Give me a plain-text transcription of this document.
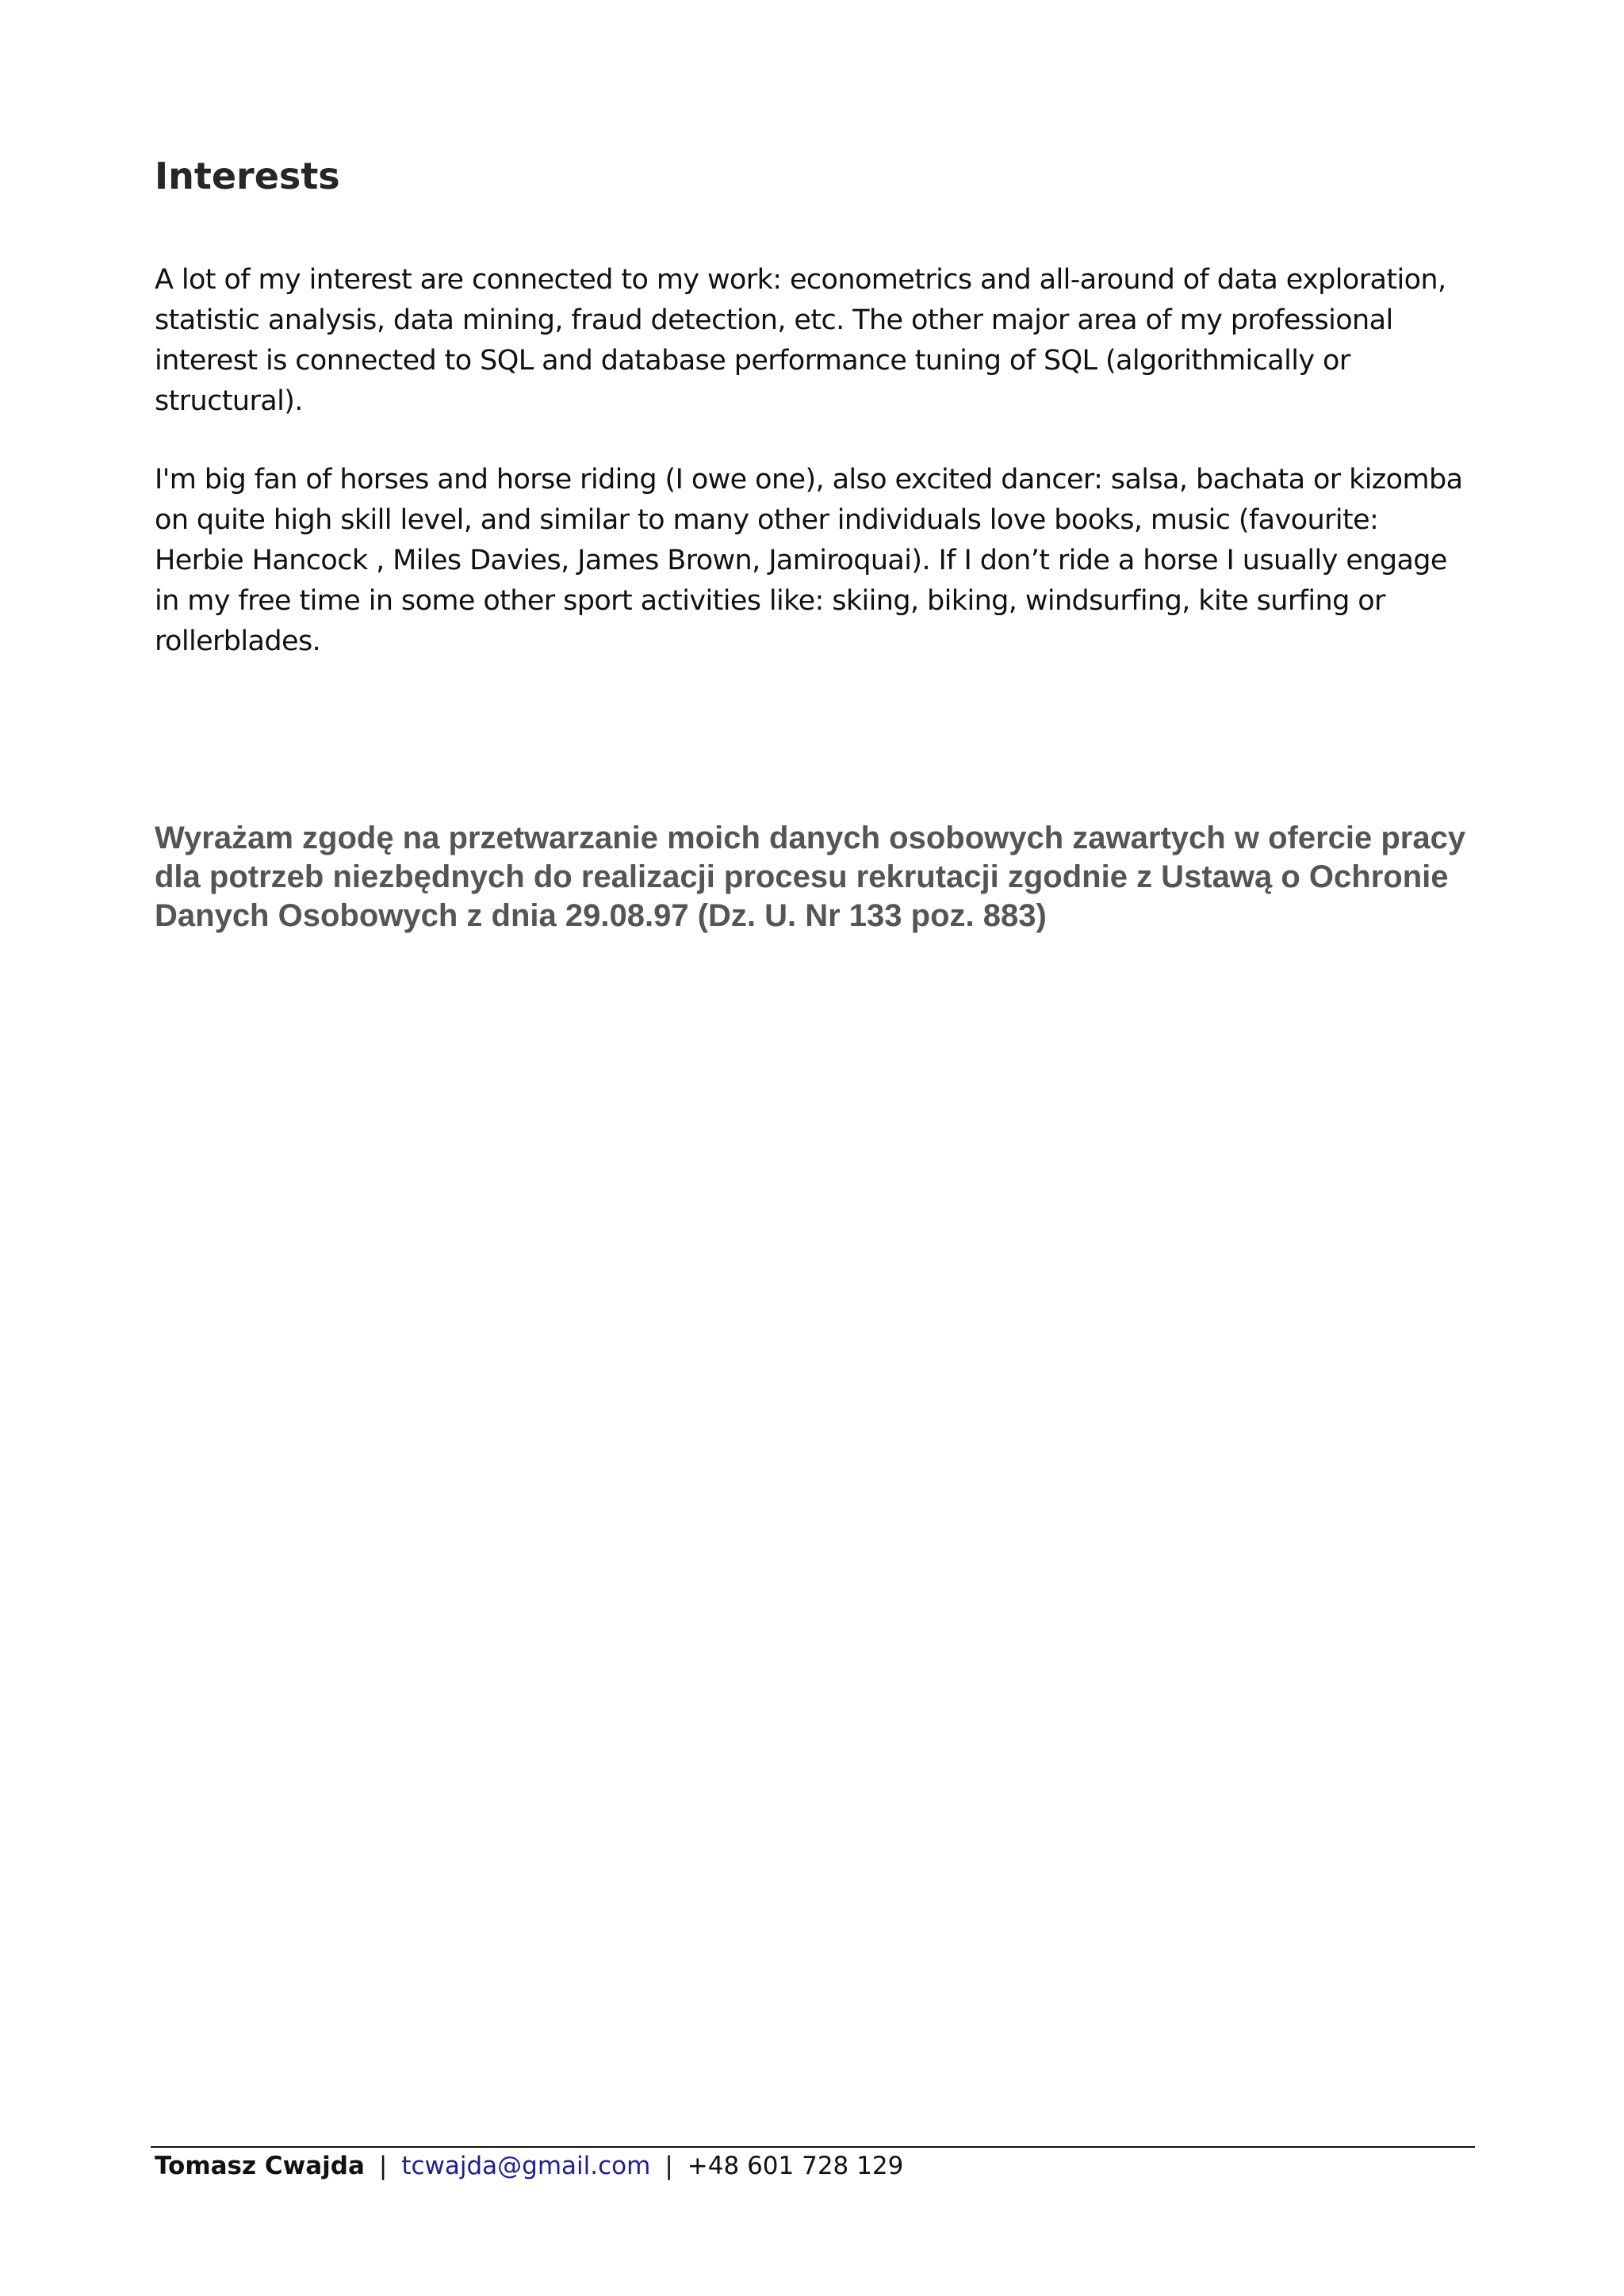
Interests

A lot of my interest are connected to my work: econometrics and all-around of data exploration, statistic analysis, data mining, fraud detection, etc. The other major area of my professional interest is connected to SQL and database performance tuning of SQL (algorithmically or structural).

I'm big fan of horses and horse riding (I owe one), also excited dancer: salsa, bachata or kizomba on quite high skill level, and similar to many other individuals love books, music (favourite: Herbie Hancock , Miles Davies, James Brown, Jamiroquai). If I don’t ride a horse I usually engage in my free time in some other sport activities like: skiing, biking, windsurfing, kite surfing or rollerblades.

Wyrażam zgodę na przetwarzanie moich danych osobowych zawartych w ofercie pracy dla potrzeb niezbędnych do realizacji procesu rekrutacji zgodnie z Ustawą o Ochronie Danych Osobowych z dnia 29.08.97 (Dz. U. Nr 133 poz. 883)

Tomasz Cwajda | tcwajda@gmail.com | +48 601 728 129
